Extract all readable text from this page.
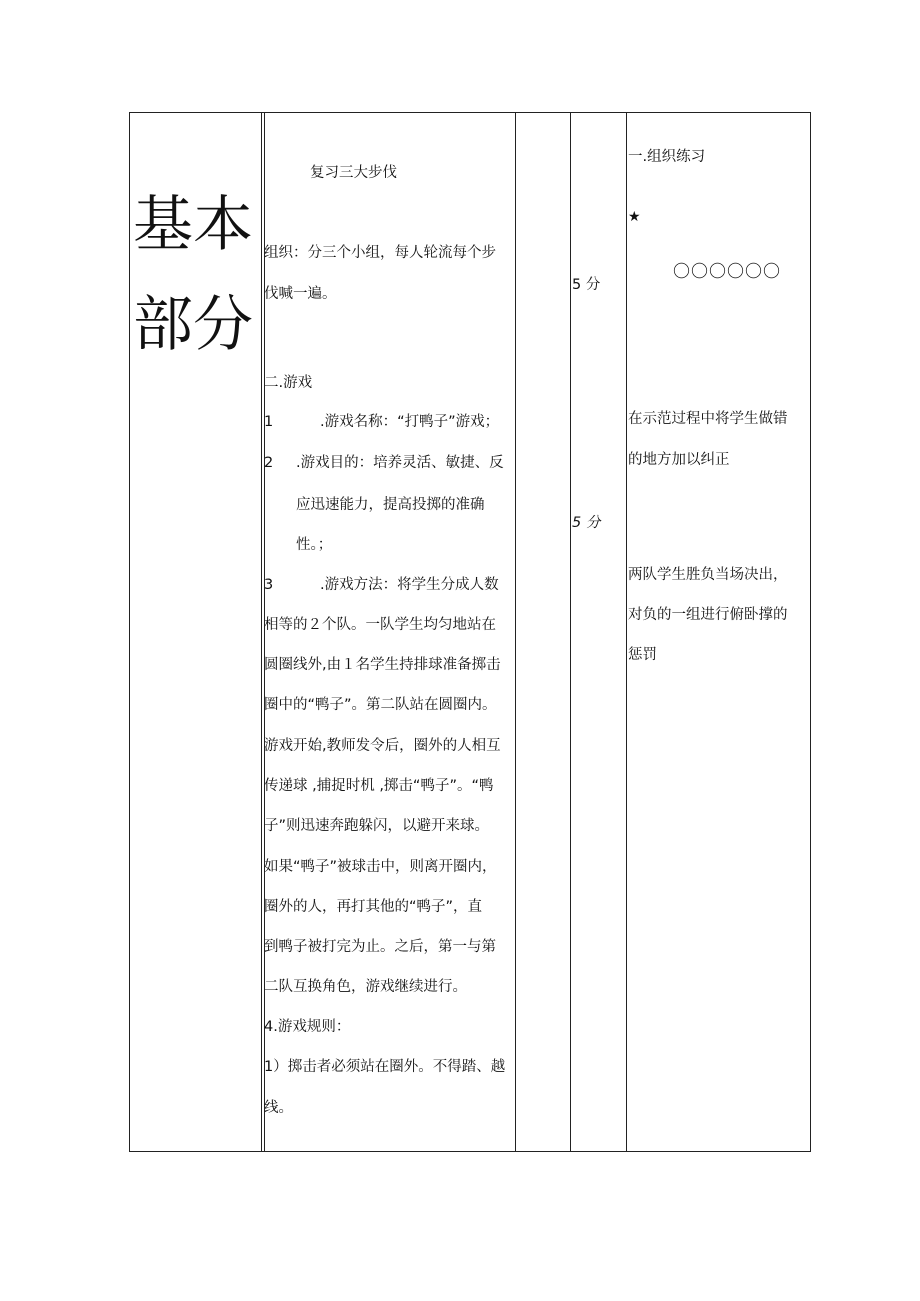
基本
部分
复习三大步伐
组织：分三个小组，每人轮流每个步
伐喊一遍。
二.游戏
1	.游戏名称：“打鸭子”游戏；
2 .游戏目的：培养灵活、敏捷、反
应迅速能力，提高投掷的准确
性。；
3	.游戏方法：将学生分成人数
相等的２个队。一队学生均匀地站在
圆圈线外,由１名学生持排球准备掷击
圈中的“鸭子”。第二队站在圆圈内。
游戏开始,教师发令后，圈外的人相互
传递球 ,捕捉时机 ,掷击“鸭子”。“鸭
子”则迅速奔跑躲闪，以避开来球。
如果“鸭子”被球击中，则离开圈内，
圈外的人，再打其他的“鸭子”，直
到鸭子被打完为止。之后，第一与第
二队互换角色，游戏继续进行。
4.游戏规则：
1）掷击者必须站在圈外。不得踏、越
线。
5 分
5 分
一.组织练习
★
〇〇〇〇〇〇
在示范过程中将学生做错
的地方加以纠正
两队学生胜负当场决出，
对负的一组进行俯卧撑的
惩罚
